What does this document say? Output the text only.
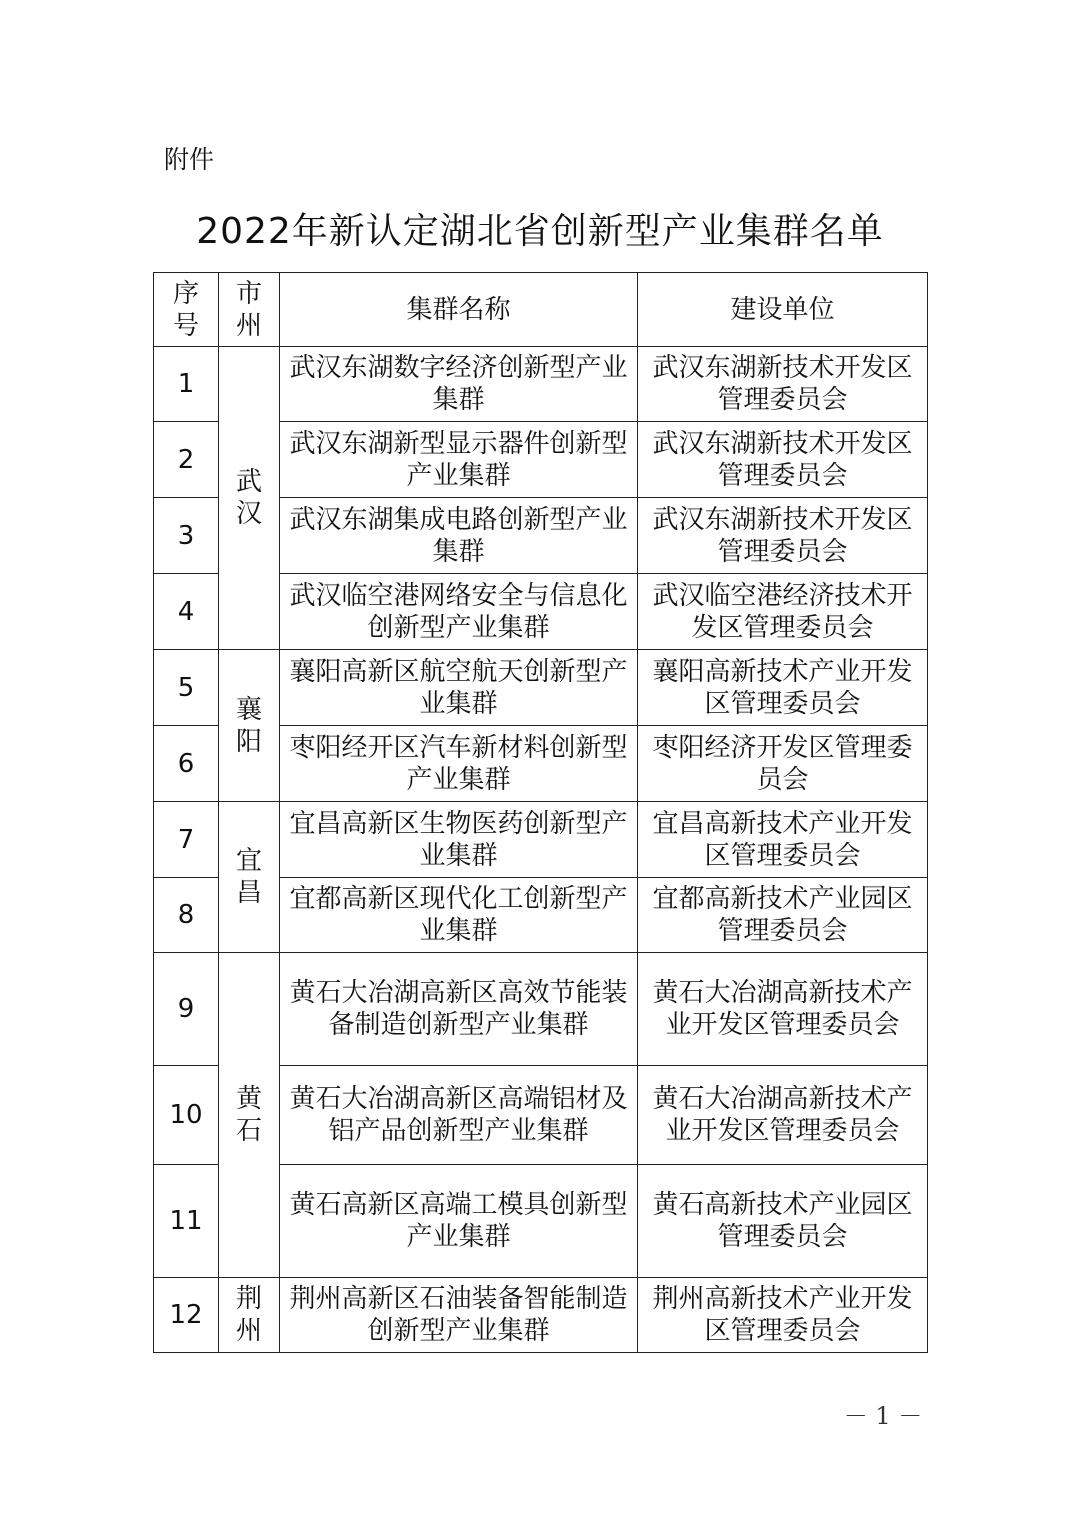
附件
2022年新认定湖北省创新型产业集群名单
序号	市州	集群名称	建设单位
1	武汉	武汉东湖数字经济创新型产业集群	武汉东湖新技术开发区管理委员会
2		武汉东湖新型显示器件创新型产业集群	武汉东湖新技术开发区管理委员会
3		武汉东湖集成电路创新型产业集群	武汉东湖新技术开发区管理委员会
4		武汉临空港网络安全与信息化创新型产业集群	武汉临空港经济技术开发区管理委员会
5	襄阳	襄阳高新区航空航天创新型产业集群	襄阳高新技术产业开发区管理委员会
6		枣阳经开区汽车新材料创新型产业集群	枣阳经济开发区管理委员会
7	宜昌	宜昌高新区生物医药创新型产业集群	宜昌高新技术产业开发区管理委员会
8		宜都高新区现代化工创新型产业集群	宜都高新技术产业园区管理委员会
9	黄石	黄石大冶湖高新区高效节能装备制造创新型产业集群	黄石大冶湖高新技术产业开发区管理委员会
10		黄石大冶湖高新区高端铝材及铝产品创新型产业集群	黄石大冶湖高新技术产业开发区管理委员会
11		黄石高新区高端工模具创新型产业集群	黄石高新技术产业园区管理委员会
12	荆州	荆州高新区石油装备智能制造创新型产业集群	荆州高新技术产业开发区管理委员会
－ 1 －
